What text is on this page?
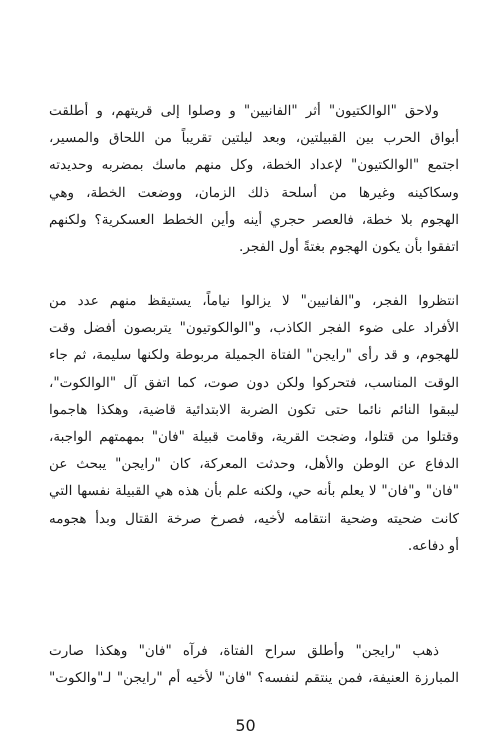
ولاحق "الوالكتيون" أثر "الفانيين" و وصلوا إلى قريتهم، و أطلقت
أبواق الحرب بين القبيلتين، وبعد ليلتين تقريباً من اللحاق والمسير،
اجتمع "الوالكتيون" لإعداد الخطة، وكل منهم ماسك بمضربه وحديدته
وسكاكينه وغيرها من أسلحة ذلك الزمان، ووضعت الخطة، وهي
الهجوم بلا خطة، فالعصر حجري أينه وأين الخطط العسكرية؟ ولكنهم
اتفقوا بأن يكون الهجوم بغتةً أول الفجر.
انتظروا الفجر، و"الفانيين" لا يزالوا نياماً، يستيقظ منهم عدد من
الأفراد على ضوء الفجر الكاذب، و"الوالكوتيون" يتربصون أفضل وقت
للهجوم، و قد رأى "رايجن" الفتاة الجميلة مربوطة ولكنها سليمة، ثم جاء
الوقت المناسب، فتحركوا ولكن دون صوت، كما اتفق آل "الوالكوت"،
ليبقوا النائم نائما حتى تكون الضربة الابتدائية قاضية، وهكذا هاجموا
وقتلوا من قتلوا، وضجت القرية، وقامت قبيلة "فان" بمهمتهم الواجبة،
الدفاع عن الوطن والأهل، وحدثت المعركة، كان "رايجن" يبحث عن
"فان" و"فان" لا يعلم بأنه حي، ولكنه علم بأن هذه هي القبيلة نفسها التي
كانت ضحيته وضحية انتقامه لأخيه، فصرخ صرخة القتال وبدأ هجومه
أو دفاعه.
ذهب "رايجن" وأطلق سراح الفتاة، فرآه "فان" وهكذا صارت
المبارزة العنيفة، فمن ينتقم لنفسه؟ "فان" لأخيه أم "رايجن" لـ"والكوت"
50
